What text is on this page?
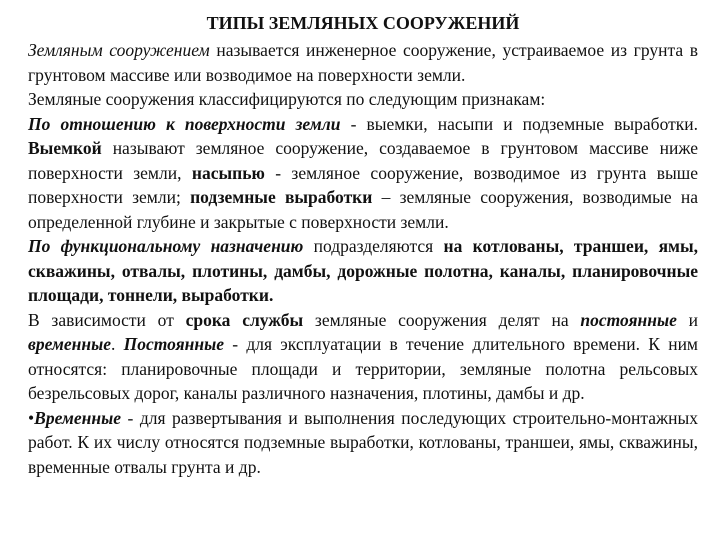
ТИПЫ ЗЕМЛЯНЫХ СООРУЖЕНИЙ

Земляным сооружением называется инженерное сооружение, устраиваемое из грунта в грунтовом массиве или возводимое на поверхности земли.

Земляные сооружения классифицируются по следующим признакам:

По отношению к поверхности земли - выемки, насыпи и подземные выработки. Выемкой называют земляное сооружение, создаваемое в грунтовом массиве ниже поверхности земли, насыпью - земляное сооружение, возводимое из грунта выше поверхности земли; подземные выработки – земляные сооружения, возводимые на определенной глубине и закрытые с поверхности земли.

По функциональному назначению подразделяются на котлованы, траншеи, ямы, скважины, отвалы, плотины, дамбы, дорожные полотна, каналы, планировочные площади, тоннели, выработки.

В зависимости от срока службы земляные сооружения делят на постоянные и временные. Постоянные - для эксплуатации в течение длительного времени. К ним относятся: планировочные площади и территории, земляные полотна рельсовых безрельсовых дорог, каналы различного назначения, плотины, дамбы и др.

•Временные - для развертывания и выполнения последующих строительно-монтажных работ. К их числу относятся подземные выработки, котлованы, траншеи, ямы, скважины, временные отвалы грунта и др.
